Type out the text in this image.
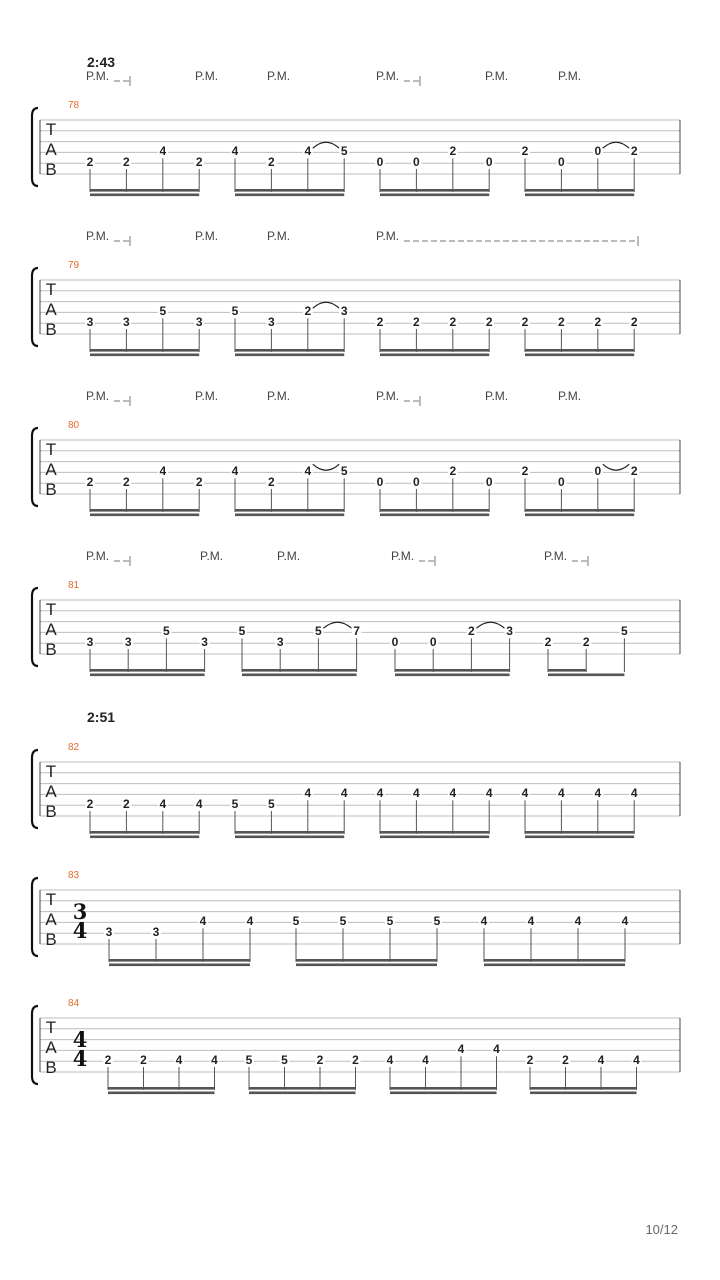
T
A
B
2:43
78
P.M.	P.M.	P.M.	P.M.	P.M.	P.M.
2 2
4
2
4
2
4 5
0 0
2
0
2
0
0 2
T
A
B
79
P.M.	P.M.	P.M.	P.M.
3 3
5
3
5
3
2 3
2 2 2 2 2 2 2 2
T
A
B
80
P.M.	P.M.	P.M.	P.M.	P.M.	P.M.
2 2
4
2
4
2
4 5
0 0
2
0
2
0
0 2
T
A
B
81
P.M.	P.M.	P.M.	P.M.	P.M.
3	3
5
3
5
3
5	7
0	0
2	3
2	2
5
T
A
B
2:51
82
2 2 4 4 5 5
4 4 4 4 4 4 4 4 4 4
T
A
B
83
3
4 3	3
4	4	5	5	5	5	4	4	4	4
T
A
B
84
4
4 2 2 4 4 5 5 2 2 4 4
4 4
2 2 4 4
10/12
